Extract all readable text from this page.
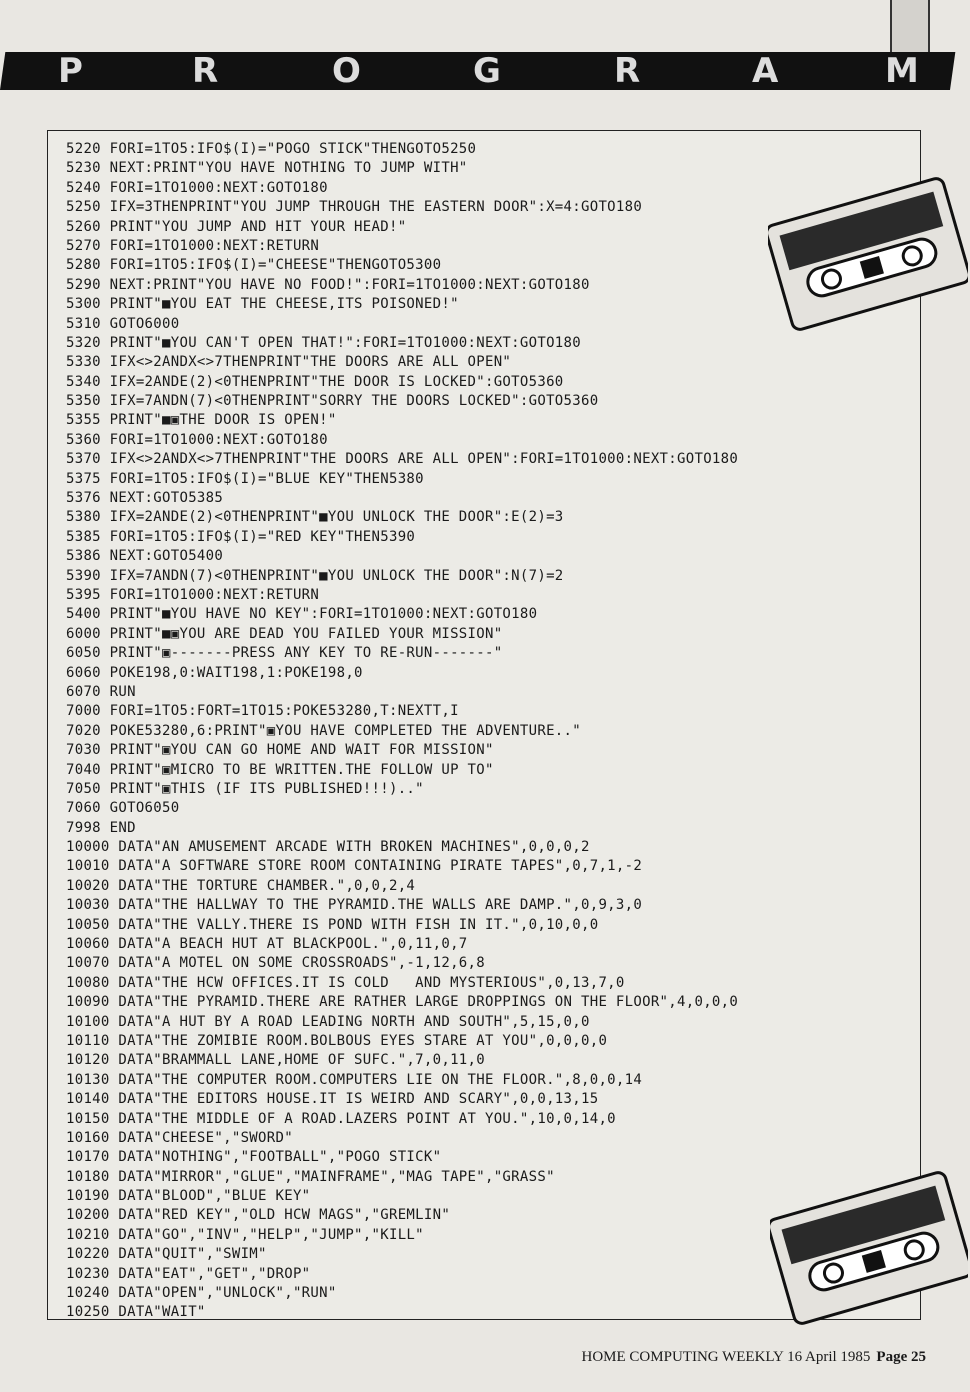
P	R	O	G	R	A	M
5220 FORI=1TO5:IFO$(I)="POGO STICK"THENGOTO5250
5230 NEXT:PRINT"YOU HAVE NOTHING TO JUMP WITH"
5240 FORI=1TO1000:NEXT:GOTO180
5250 IFX=3THENPRINT"YOU JUMP THROUGH THE EASTERN DOOR":X=4:GOTO180
5260 PRINT"YOU JUMP AND HIT YOUR HEAD!"
5270 FORI=1TO1000:NEXT:RETURN
5280 FORI=1TO5:IFO$(I)="CHEESE"THENGOTO5300
5290 NEXT:PRINT"YOU HAVE NO FOOD!":FORI=1TO1000:NEXT:GOTO180
5300 PRINT"■YOU EAT THE CHEESE,ITS POISONED!"
5310 GOTO6000
5320 PRINT"■YOU CAN'T OPEN THAT!":FORI=1TO1000:NEXT:GOTO180
5330 IFX<>2ANDX<>7THENPRINT"THE DOORS ARE ALL OPEN"
5340 IFX=2ANDE(2)<0THENPRINT"THE DOOR IS LOCKED":GOTO5360
5350 IFX=7ANDN(7)<0THENPRINT"SORRY THE DOORS LOCKED":GOTO5360
5355 PRINT"■▣THE DOOR IS OPEN!"
5360 FORI=1TO1000:NEXT:GOTO180
5370 IFX<>2ANDX<>7THENPRINT"THE DOORS ARE ALL OPEN":FORI=1TO1000:NEXT:GOTO180
5375 FORI=1TO5:IFO$(I)="BLUE KEY"THEN5380
5376 NEXT:GOTO5385
5380 IFX=2ANDE(2)<0THENPRINT"■YOU UNLOCK THE DOOR":E(2)=3
5385 FORI=1TO5:IFO$(I)="RED KEY"THEN5390
5386 NEXT:GOTO5400
5390 IFX=7ANDN(7)<0THENPRINT"■YOU UNLOCK THE DOOR":N(7)=2
5395 FORI=1TO1000:NEXT:RETURN
5400 PRINT"■YOU HAVE NO KEY":FORI=1TO1000:NEXT:GOTO180
6000 PRINT"■▣YOU ARE DEAD YOU FAILED YOUR MISSION"
6050 PRINT"▣-------PRESS ANY KEY TO RE-RUN-------"
6060 POKE198,0:WAIT198,1:POKE198,0
6070 RUN
7000 FORI=1TO5:FORT=1TO15:POKE53280,T:NEXTT,I
7020 POKE53280,6:PRINT"▣YOU HAVE COMPLETED THE ADVENTURE.."
7030 PRINT"▣YOU CAN GO HOME AND WAIT FOR MISSION"
7040 PRINT"▣MICRO TO BE WRITTEN.THE FOLLOW UP TO"
7050 PRINT"▣THIS (IF ITS PUBLISHED!!!).."
7060 GOTO6050
7998 END
10000 DATA"AN AMUSEMENT ARCADE WITH BROKEN MACHINES",0,0,0,2
10010 DATA"A SOFTWARE STORE ROOM CONTAINING PIRATE TAPES",0,7,1,-2
10020 DATA"THE TORTURE CHAMBER.",0,0,2,4
10030 DATA"THE HALLWAY TO THE PYRAMID.THE WALLS ARE DAMP.",0,9,3,0
10050 DATA"THE VALLY.THERE IS POND WITH FISH IN IT.",0,10,0,0
10060 DATA"A BEACH HUT AT BLACKPOOL.",0,11,0,7
10070 DATA"A MOTEL ON SOME CROSSROADS",-1,12,6,8
10080 DATA"THE HCW OFFICES.IT IS COLD   AND MYSTERIOUS",0,13,7,0
10090 DATA"THE PYRAMID.THERE ARE RATHER LARGE DROPPINGS ON THE FLOOR",4,0,0,0
10100 DATA"A HUT BY A ROAD LEADING NORTH AND SOUTH",5,15,0,0
10110 DATA"THE ZOMIBIE ROOM.BOLBOUS EYES STARE AT YOU",0,0,0,0
10120 DATA"BRAMMALL LANE,HOME OF SUFC.",7,0,11,0
10130 DATA"THE COMPUTER ROOM.COMPUTERS LIE ON THE FLOOR.",8,0,0,14
10140 DATA"THE EDITORS HOUSE.IT IS WEIRD AND SCARY",0,0,13,15
10150 DATA"THE MIDDLE OF A ROAD.LAZERS POINT AT YOU.",10,0,14,0
10160 DATA"CHEESE","SWORD"
10170 DATA"NOTHING","FOOTBALL","POGO STICK"
10180 DATA"MIRROR","GLUE","MAINFRAME","MAG TAPE","GRASS"
10190 DATA"BLOOD","BLUE KEY"
10200 DATA"RED KEY","OLD HCW MAGS","GREMLIN"
10210 DATA"GO","INV","HELP","JUMP","KILL"
10220 DATA"QUIT","SWIM"
10230 DATA"EAT","GET","DROP"
10240 DATA"OPEN","UNLOCK","RUN"
10250 DATA"WAIT"
HOME COMPUTING WEEKLY 16 April 1985 Page 25
